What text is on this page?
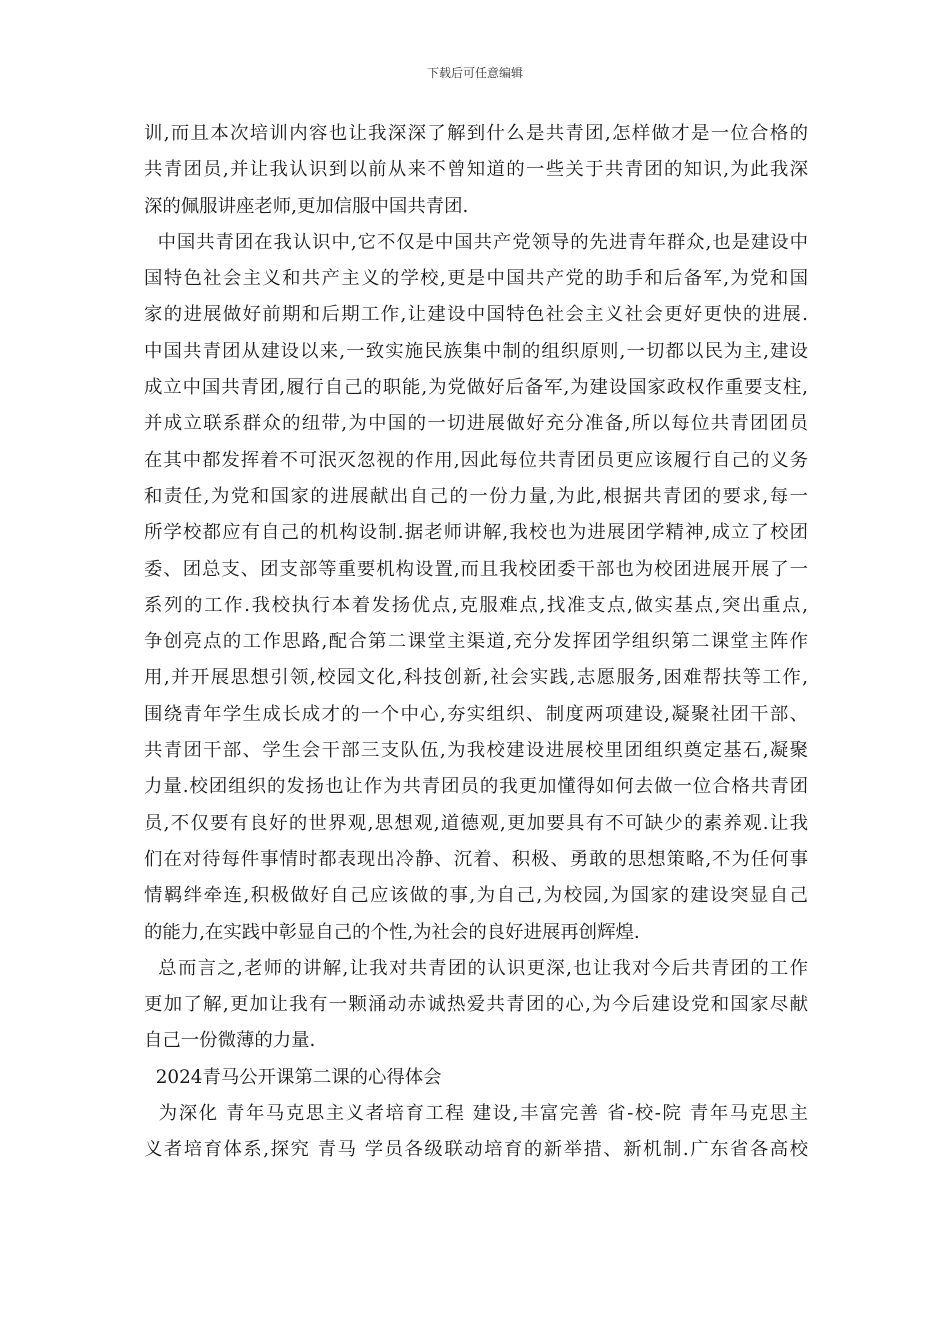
下载后可任意编辑
训,而且本次培训内容也让我深深了解到什么是共青团,怎样做才是一位合格的
共青团员,并让我认识到以前从来不曾知道的一些关于共青团的知识,为此我深
深的佩服讲座老师,更加信服中国共青团.
中国共青团在我认识中,它不仅是中国共产党领导的先进青年群众,也是建设中
国特色社会主义和共产主义的学校,更是中国共产党的助手和后备军,为党和国
家的进展做好前期和后期工作,让建设中国特色社会主义社会更好更快的进展.
中国共青团从建设以来,一致实施民族集中制的组织原则,一切都以民为主,建设
成立中国共青团,履行自己的职能,为党做好后备军,为建设国家政权作重要支柱,
并成立联系群众的纽带,为中国的一切进展做好充分准备,所以每位共青团团员
在其中都发挥着不可泯灭忽视的作用,因此每位共青团员更应该履行自己的义务
和责任,为党和国家的进展献出自己的一份力量,为此,根据共青团的要求,每一
所学校都应有自己的机构设制.据老师讲解,我校也为进展团学精神,成立了校团
委、团总支、团支部等重要机构设置,而且我校团委干部也为校团进展开展了一
系列的工作.我校执行本着发扬优点,克服难点,找准支点,做实基点,突出重点,
争创亮点的工作思路,配合第二课堂主渠道,充分发挥团学组织第二课堂主阵作
用,并开展思想引领,校园文化,科技创新,社会实践,志愿服务,困难帮扶等工作,
围绕青年学生成长成才的一个中心,夯实组织、制度两项建设,凝聚社团干部、
共青团干部、学生会干部三支队伍,为我校建设进展校里团组织奠定基石,凝聚
力量.校团组织的发扬也让作为共青团员的我更加懂得如何去做一位合格共青团
员,不仅要有良好的世界观,思想观,道德观,更加要具有不可缺少的素养观.让我
们在对待每件事情时都表现出冷静、沉着、积极、勇敢的思想策略,不为任何事
情羁绊牵连,积极做好自己应该做的事,为自己,为校园,为国家的建设突显自己
的能力,在实践中彰显自己的个性,为社会的良好进展再创辉煌.
总而言之,老师的讲解,让我对共青团的认识更深,也让我对今后共青团的工作
更加了解,更加让我有一颗涌动赤诚热爱共青团的心,为今后建设党和国家尽献
自己一份微薄的力量.
2024青马公开课第二课的心得体会
为深化 青年马克思主义者培育工程 建设,丰富完善 省-校-院 青年马克思主
义者培育体系,探究 青马 学员各级联动培育的新举措、新机制.广东省各高校
